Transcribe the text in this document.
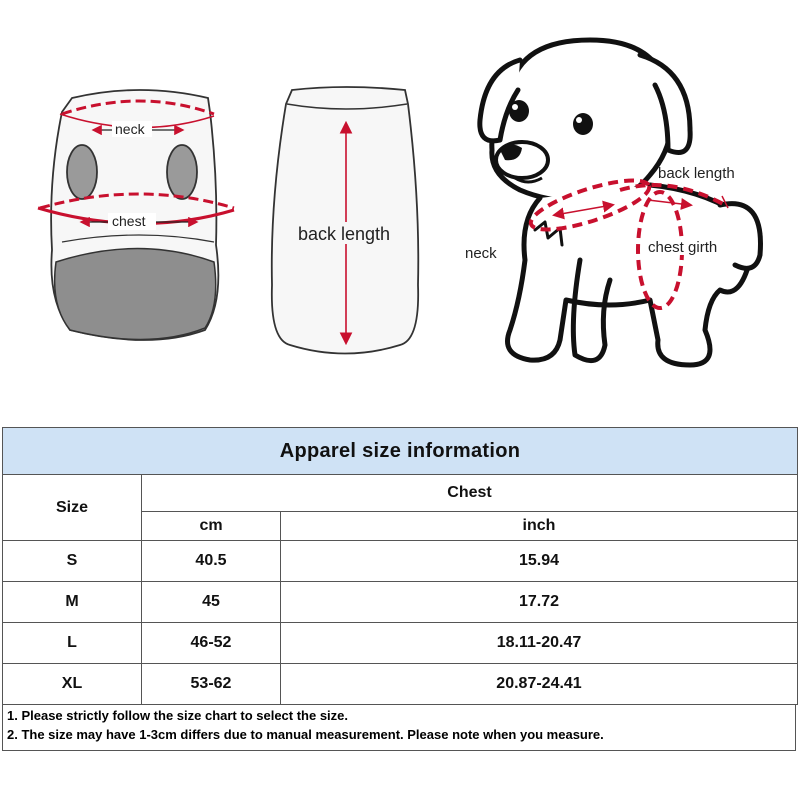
neck
chest
back length
back length
neck	chest girth
Apparel size information		
Size	Chest	
	cm	inch
S	40.5	15.94
M	45	17.72
L	46-52	18.11-20.47
XL	53-62	20.87-24.41
1. Please strictly follow the size chart to select the size.
2. The size may have 1-3cm differs due to manual measurement. Please note when you measure.
